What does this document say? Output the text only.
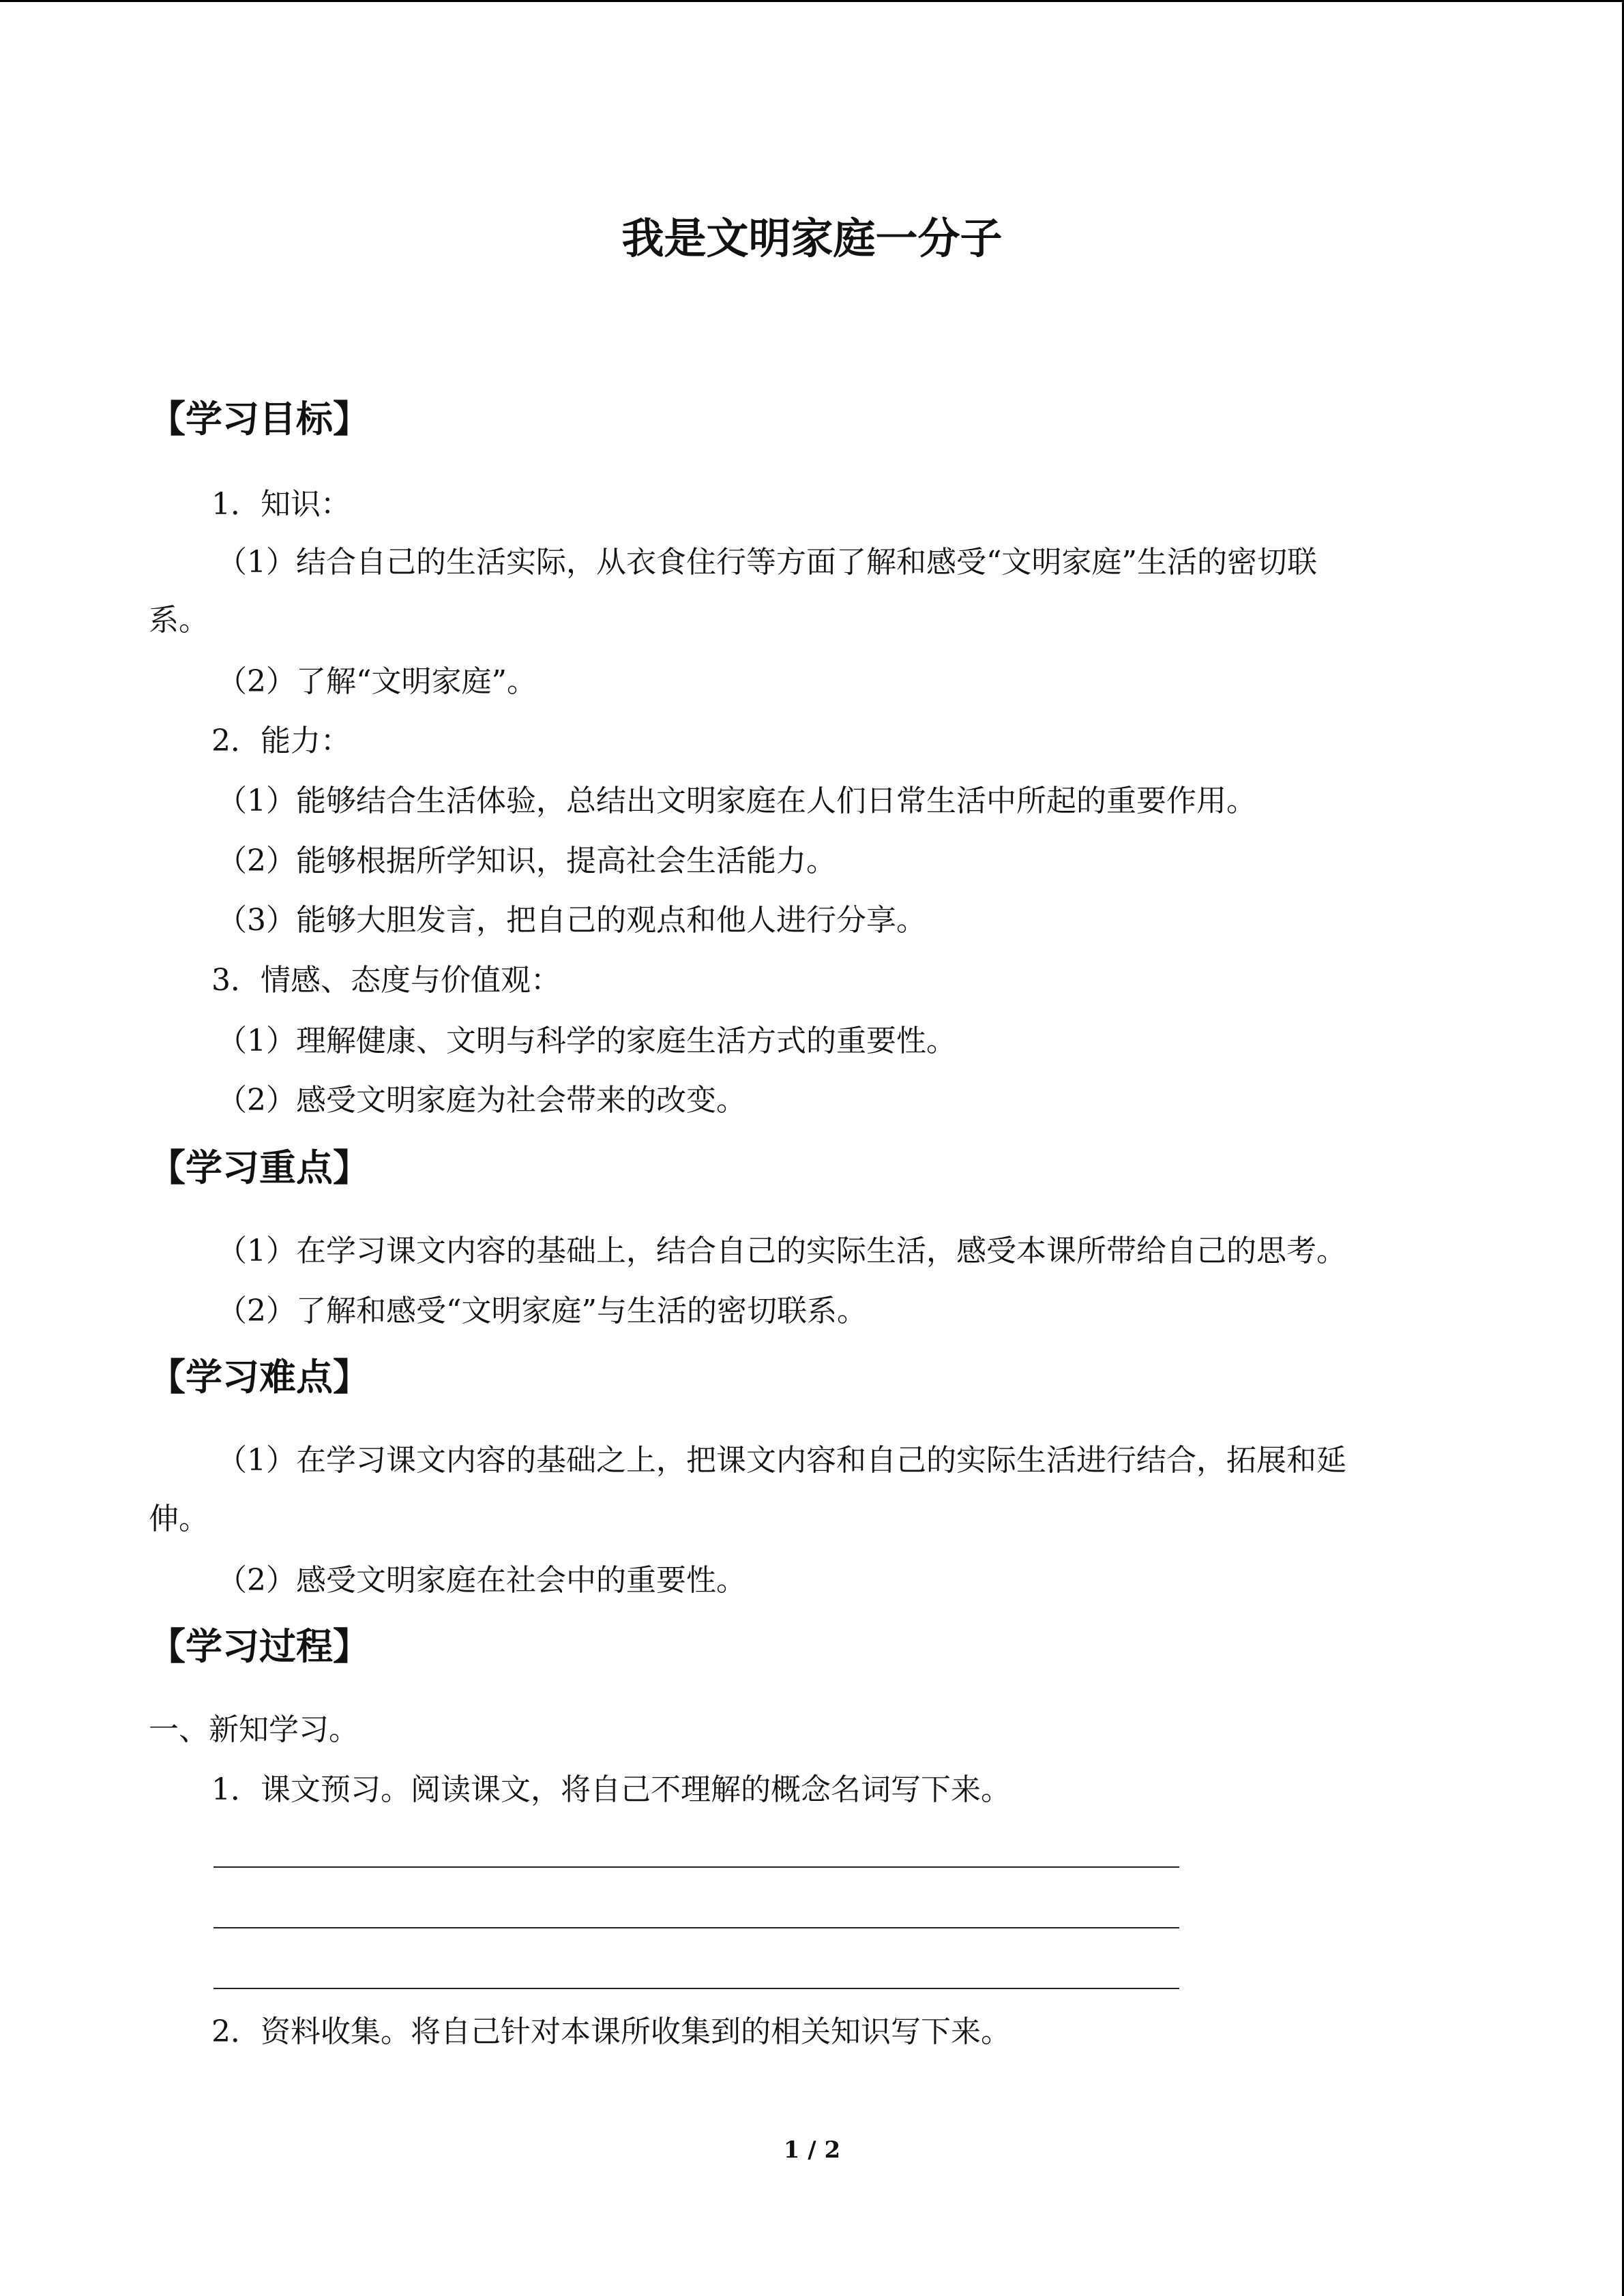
我是文明家庭一分子
【学习目标】
1．知识：
（1）结合自己的生活实际，从衣食住行等方面了解和感受“文明家庭”生活的密切联
系。
（2）了解“文明家庭”。
2．能力：
（1）能够结合生活体验，总结出文明家庭在人们日常生活中所起的重要作用。
（2）能够根据所学知识，提高社会生活能力。
（3）能够大胆发言，把自己的观点和他人进行分享。
3．情感、态度与价值观：
（1）理解健康、文明与科学的家庭生活方式的重要性。
（2）感受文明家庭为社会带来的改变。
【学习重点】
（1）在学习课文内容的基础上，结合自己的实际生活，感受本课所带给自己的思考。
（2）了解和感受“文明家庭”与生活的密切联系。
【学习难点】
（1）在学习课文内容的基础之上，把课文内容和自己的实际生活进行结合，拓展和延
伸。
（2）感受文明家庭在社会中的重要性。
【学习过程】
一、新知学习。
1．课文预习。阅读课文，将自己不理解的概念名词写下来。
2．资料收集。将自己针对本课所收集到的相关知识写下来。
1 / 2
